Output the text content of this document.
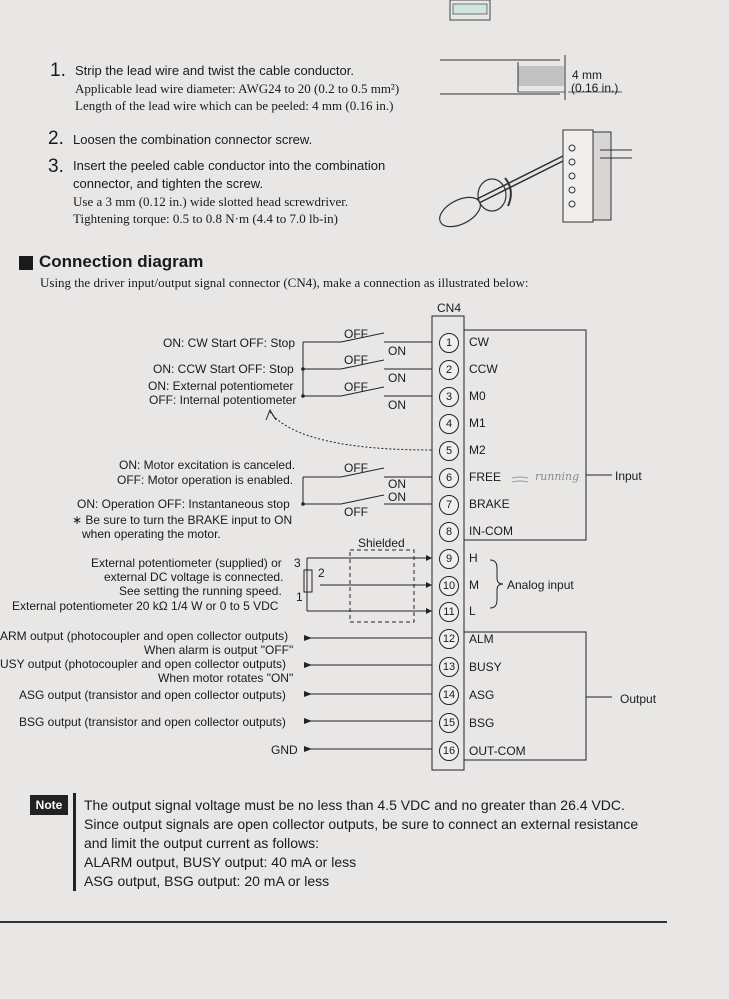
1. Strip the lead wire and twist the cable conductor.
Applicable lead wire diameter: AWG24 to 20 (0.2 to 0.5 mm²)
Length of the lead wire which can be peeled: 4 mm (0.16 in.)
2. Loosen the combination connector screw.
3. Insert the peeled cable conductor into the combination
connector, and tighten the screw.
Use a 3 mm (0.12 in.) wide slotted head screwdriver.
Tightening torque: 0.5 to 0.8 N·m (4.4 to 7.0 lb-in)
4 mm
(0.16 in.)
Connection diagram
Using the driver input/output signal connector (CN4), make a connection as illustrated below:
CN4
OFF
ON
OFF
ON
OFF
ON
OFF
ON
ON
OFF
Shielded
ON: CW Start OFF: Stop
ON: CCW Start OFF: Stop
ON: External potentiometer
OFF: Internal potentiometer
ON: Motor excitation is canceled.
OFF: Motor operation is enabled.
ON: Operation OFF: Instantaneous stop
∗ Be sure to turn the BRAKE input to ON
when operating the motor.
External potentiometer (supplied) or
external DC voltage is connected.
See setting the running speed.
External potentiometer 20 kΩ 1/4 W or 0 to 5 VDC
3
2
1
ARM output (photocoupler and open collector outputs)
When alarm is output "OFF"
USY output (photocoupler and open collector outputs)
When motor rotates "ON"
ASG output (transistor and open collector outputs)
BSG output (transistor and open collector outputs)
GND
1
2
3
4
5
6
7
8
9
10
11
12
13
14
15
16
CW
CCW
M0
M1
M2
FREE
BRAKE
IN-COM
H
M
L
ALM
BUSY
ASG
BSG
OUT-COM
running	Input
Analog input
Output
Note	The output signal voltage must be no less than 4.5 VDC and no greater than 26.4 VDC.
Since output signals are open collector outputs, be sure to connect an external resistance
and limit the output current as follows:
ALARM output, BUSY output: 40 mA or less
ASG output, BSG output: 20 mA or less
